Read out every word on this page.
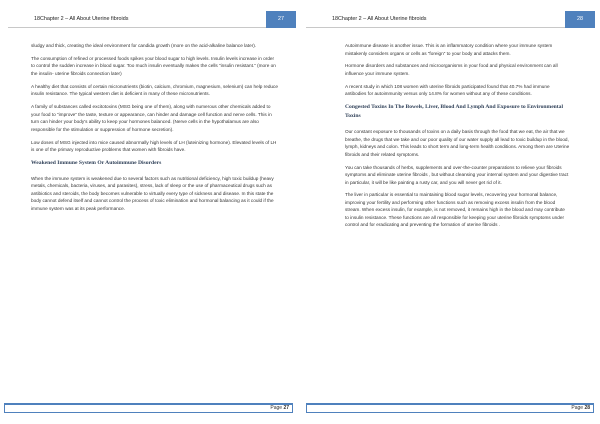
18Chapter 2 – All About Uterine fibroids	27

sludgy and thick, creating the ideal environment for candida growth (more on the acid-alkaline balance later).

The consumption of refined or processed foods spikes your blood sugar to high levels. Insulin levels increase in order to control the sudden increase in blood sugar. Too much insulin eventually makes the cells “insulin resistant.” (more on the insulin- uterine fibroids connection later)

A healthy diet that consists of certain micronutrients (biotin, calcium, chromium, magnesium, selenium) can help reduce insulin resistance. The typical western diet is deficient in many of these micronutrients.

A family of substances called excitotoxins (MSG being one of them), along with numerous other chemicals added to your food to “improve” the taste, texture or appearance, can hinder and damage cell function and nerve cells. This in turn can hinder your body’s ability to keep your hormones balanced. (Nerve cells in the hypothalamus are also responsible for the stimulation or suppression of hormone secretion).

Low doses of MSG injected into mice caused abnormally high levels of LH (luteinizing hormone). Elevated levels of LH is one of the primary reproductive problems that women with fibroids have.

Weakened Immune System Or Autoimmune Disorders

When the immune system is weakened due to several factors such as nutritional deficiency, high toxic buildup (heavy metals, chemicals, bacteria, viruses, and parasites), stress, lack of sleep or the use of pharmaceutical drugs such as antibiotics and steroids, the body becomes vulnerable to virtually every type of sickness and disease. In this state the body cannot defend itself and cannot control the process of toxic elimination and hormonal balancing as it could if the immune system was at its peak performance.

Page 27
18Chapter 2 – All About Uterine fibroids	28

Autoimmune disease is another issue. This is an inflammatory condition where your immune system mistakenly considers organs or cells as “foreign” to your body and attacks them.

Hormone disorders and substances and microorganisms in your food and physical environment can all influence your immune system.

A recent study in which 108 women with uterine fibroids participated found that 40.7% had immune antibodies for autoimmunity versus only 14.8% for women without any of these conditions.

Congested Toxins In The Bowels, Liver, Blood And Lymph And Exposure to Environmental Toxins

Our constant exposure to thousands of toxins on a daily basis through the food that we eat, the air that we breathe, the drugs that we take and our poor quality of our water supply all lead to toxic buildup in the blood, lymph, kidneys and colon. This leads to short term and long-term health conditions. Among them are Uterine fibroids and their related symptoms.

You can take thousands of herbs, supplements and over-the-counter preparations to relieve your fibroids symptoms and eliminate uterine fibroids , but without cleansing your internal system and your digestive tract in particular, it will be like painting a rusty car, and you will never get rid of it.

The liver in particular is essential to maintaining blood sugar levels, recovering your hormonal balance, improving your fertility and performing other functions such as removing excess insulin from the blood stream. When excess insulin, for example, is not removed, it remains high in the blood and may contribute to insulin resistance. These functions are all responsible for keeping your uterine fibroids symptoms under control and for eradicating and preventing the formation of uterine fibroids .

Page 28
